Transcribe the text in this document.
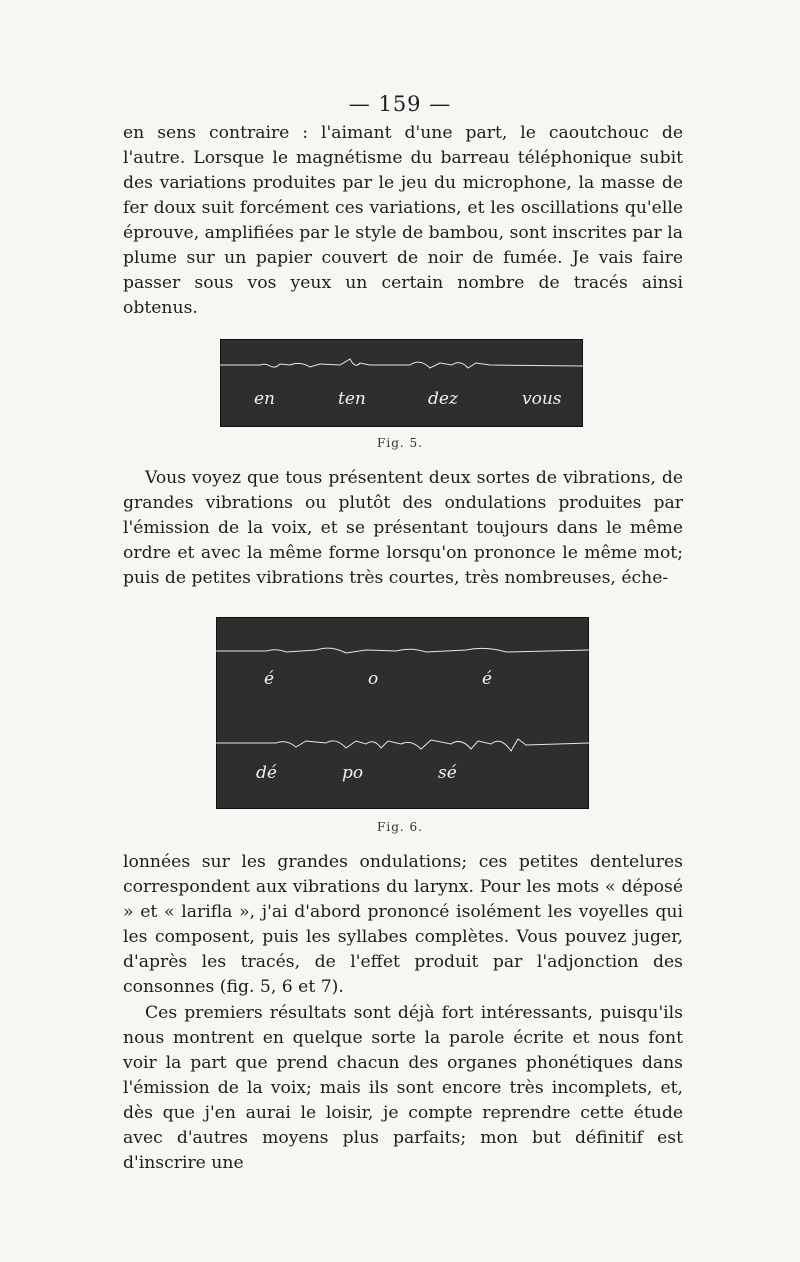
— 159 —

en sens contraire : l'aimant d'une part, le caoutchouc de l'autre. Lorsque le magnétisme du barreau téléphonique subit des variations produites par le jeu du microphone, la masse de fer doux suit forcément ces variations, et les oscillations qu'elle éprouve, amplifiées par le style de bambou, sont inscrites par la plume sur un papier couvert de noir de fumée. Je vais faire passer sous vos yeux un certain nombre de tracés ainsi obtenus.

en	ten	dez	vous
Fig. 5.

Vous voyez que tous présentent deux sortes de vibrations, de grandes vibrations ou plutôt des ondulations produites par l'émission de la voix, et se présentant toujours dans le même ordre et avec la même forme lorsqu'on prononce le même mot; puis de petites vibrations très courtes, très nombreuses, éche-

é	o	é
dé	po	sé
Fig. 6.

lonnées sur les grandes ondulations; ces petites dentelures correspondent aux vibrations du larynx. Pour les mots « déposé » et « larifla », j'ai d'abord prononcé isolément les voyelles qui les composent, puis les syllabes complètes. Vous pouvez juger, d'après les tracés, de l'effet produit par l'adjonction des consonnes (fig. 5, 6 et 7).

Ces premiers résultats sont déjà fort intéressants, puisqu'ils nous montrent en quelque sorte la parole écrite et nous font voir la part que prend chacun des organes phonétiques dans l'émission de la voix; mais ils sont encore très incomplets, et, dès que j'en aurai le loisir, je compte reprendre cette étude avec d'autres moyens plus parfaits; mon but définitif est d'inscrire une
